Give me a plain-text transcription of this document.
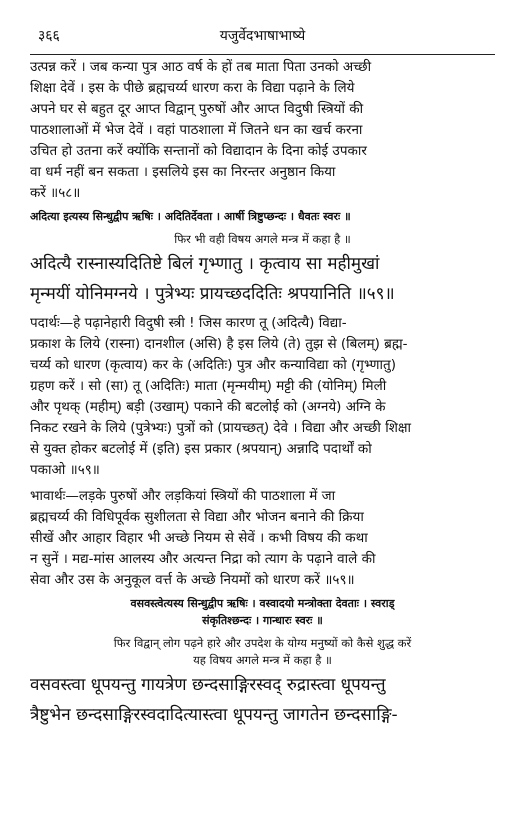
३६६	यजुर्वेदभाषाभाष्ये

उत्पन्न करें । जब कन्या पुत्र आठ वर्ष के हों तब माता पिता उनको अच्छी

शिक्षा देवें । इस के पीछे ब्रह्मचर्य्य धारण करा के विद्या पढ़ाने के लिये

अपने घर से बहुत दूर आप्त विद्वान् पुरुषों और आप्त विदुषी स्त्रियों की

पाठशालाओं में भेज देवें । वहां पाठशाला में जितने धन का खर्च करना

उचित हो उतना करें क्योंकि सन्तानों को विद्यादान के दिना कोई उपकार

वा धर्म नहीं बन सकता । इसलिये इस का निरन्तर अनुष्ठान किया

करें ॥५८॥

अदित्या इत्यस्य सिन्धुद्वीप ऋषिः । अदितिर्देवता । आर्षी त्रिष्टुप्छन्दः । धैवतः स्वरः ॥

फिर भी वही विषय अगले मन्त्र में कहा है ॥

अदित्यै रास्नास्यदितिष्टे बिलं गृभ्णातु । कृत्वाय सा महीमुखां

मृन्मयीं योनिमग्नये । पुत्रेभ्यः प्रायच्छददितिः श्रपयानिति ॥५९॥

पदार्थः—हे पढ़ानेहारी विदुषी स्त्री ! जिस कारण तू (अदित्यै) विद्या-

प्रकाश के लिये (रास्ना) दानशील (असि) है इस लिये (ते) तुझ से (बिलम्) ब्रह्म-

चर्य्य को धारण (कृत्वाय) कर के (अदितिः) पुत्र और कन्याविद्या को (गृभ्णातु)

ग्रहण करें । सो (सा) तू (अदितिः) माता (मृन्मयीम्) मट्टी की (योनिम्) मिली

और पृथक् (महीम्) बड़ी (उखाम्) पकाने की बटलोई को (अग्नये) अग्नि के

निकट रखने के लिये (पुत्रेभ्यः) पुत्रों को (प्रायच्छत्) देवे । विद्या और अच्छी शिक्षा

से युक्त होकर बटलोई में (इति) इस प्रकार (श्रपयान्) अन्नादि पदार्थों को

पकाओ ॥५९॥

भावार्थः—लड़के पुरुषों और लड़कियां स्त्रियों की पाठशाला में जा

ब्रह्मचर्य्य की विधिपूर्वक सुशीलता से विद्या और भोजन बनाने की क्रिया

सीखें और आहार विहार भी अच्छे नियम से सेवें । कभी विषय की कथा

न सुनें । मद्य-मांस आलस्य और अत्यन्त निद्रा को त्याग के पढ़ाने वाले की

सेवा और उस के अनुकूल वर्त्त के अच्छे नियमों को धारण करें ॥५९॥

वसवस्त्वेत्यस्य सिन्धुद्वीप ऋषिः । वस्वादयो मन्त्रोक्ता देवताः । स्वराड्

संकृतिश्छन्दः । गान्धारः स्वरः ॥

फिर विद्वान् लोग पढ़ने हारे और उपदेश के योग्य मनुष्यों को कैसे शुद्ध करें

यह विषय अगले मन्त्र में कहा है ॥

वसवस्त्वा धूपयन्तु गायत्रेण छन्दसाङ्गिरस्वद् रुद्रास्त्वा धूपयन्तु

त्रैष्टुभेन छन्दसाङ्गिरस्वदादित्यास्त्वा धूपयन्तु जागतेन छन्दसाङ्गि-
